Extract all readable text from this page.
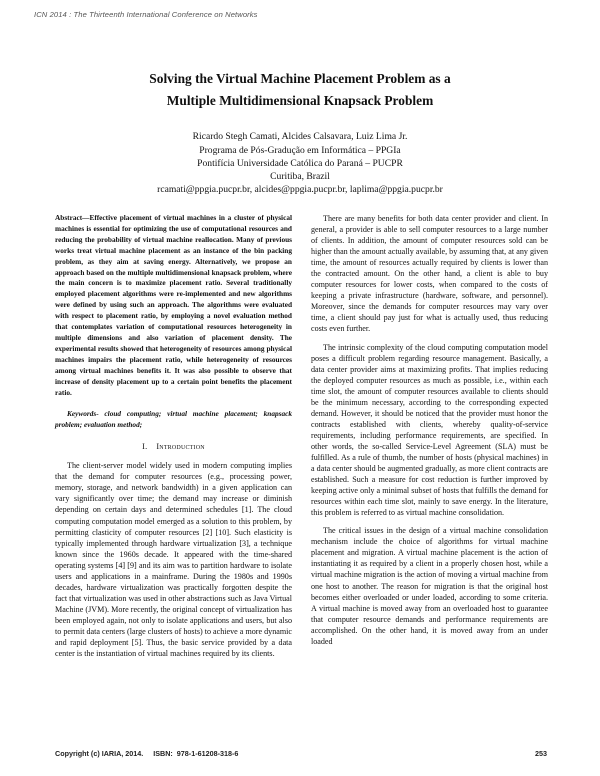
ICN 2014 : The Thirteenth International Conference on Networks
Solving the Virtual Machine Placement Problem as a
Multiple Multidimensional Knapsack Problem
Ricardo Stegh Camati, Alcides Calsavara, Luiz Lima Jr.
Programa de Pós-Gradução em Informática – PPGIa
Pontifícia Universidade Católica do Paraná – PUCPR
Curitiba, Brazil
rcamati@ppgia.pucpr.br, alcides@ppgia.pucpr.br, laplima@ppgia.pucpr.br

Abstract—Effective placement of virtual machines in a cluster of physical machines is essential for optimizing the use of computational resources and reducing the probability of virtual machine reallocation. Many of previous works treat virtual machine placement as an instance of the bin packing problem, as they aim at saving energy. Alternatively, we propose an approach based on the multiple multidimensional knapsack problem, where the main concern is to maximize placement ratio. Several traditionally employed placement algorithms were re-implemented and new algorithms were defined by using such an approach. The algorithms were evaluated with respect to placement ratio, by employing a novel evaluation method that contemplates variation of computational resources heterogeneity in multiple dimensions and also variation of placement density. The experimental results showed that heterogeneity of resources among physical machines impairs the placement ratio, while heterogeneity of resources among virtual machines benefits it. It was also possible to observe that increase of density placement up to a certain point benefits the placement ratio.

Keywords- cloud computing; virtual machine placement; knapsack problem; evaluation method;

I. Introduction

The client-server model widely used in modern computing implies that the demand for computer resources (e.g., processing power, memory, storage, and network bandwidth) in a given application can vary significantly over time; the demand may increase or diminish depending on certain days and determined schedules [1]. The cloud computing computation model emerged as a solution to this problem, by permitting clasticity of computer resources [2] [10]. Such elasticity is typically implemented through hardware virtualization [3], a technique known since the 1960s decade. It appeared with the time-shared operating systems [4] [9] and its aim was to partition hardware to isolate users and applications in a mainframe. During the 1980s and 1990s decades, hardware virtualization was practically forgotten despite the fact that virtualization was used in other abstractions such as Java Virtual Machine (JVM). More recently, the original concept of virtualization has been employed again, not only to isolate applications and users, but also to permit data centers (large clusters of hosts) to achieve a more dynamic and rapid deployment [5]. Thus, the basic service provided by a data center is the instantiation of virtual machines required by its clients.

There are many benefits for both data center provider and client. In general, a provider is able to sell computer resources to a large number of clients. In addition, the amount of computer resources sold can be higher than the amount actually available, by assuming that, at any given time, the amount of resources actually required by clients is lower than the contracted amount. On the other hand, a client is able to buy computer resources for lower costs, when compared to the costs of keeping a private infrastructure (hardware, software, and personnel). Moreover, since the demands for computer resources may vary over time, a client should pay just for what is actually used, thus reducing costs even further.

The intrinsic complexity of the cloud computing computation model poses a difficult problem regarding resource management. Basically, a data center provider aims at maximizing profits. That implies reducing the deployed computer resources as much as possible, i.e., within each time slot, the amount of computer resources available to clients should be the minimum necessary, according to the corresponding expected demand. However, it should be noticed that the provider must honor the contracts established with clients, whereby quality-of-service requirements, including performance requirements, are specified. In other words, the so-called Service-Level Agreement (SLA) must be fulfilled. As a rule of thumb, the number of hosts (physical machines) in a data center should be augmented gradually, as more client contracts are established. Such a measure for cost reduction is further improved by keeping active only a minimal subset of hosts that fulfills the demand for resources within each time slot, mainly to save energy. In the literature, this problem is referred to as virtual machine consolidation.

The critical issues in the design of a virtual machine consolidation mechanism include the choice of algorithms for virtual machine placement and migration. A virtual machine placement is the action of instantiating it as required by a client in a properly chosen host, while a virtual machine migration is the action of moving a virtual machine from one host to another. The reason for migration is that the original host becomes either overloaded or under loaded, according to some criteria. A virtual machine is moved away from an overloaded host to guarantee that computer resource demands and performance requirements are accomplished. On the other hand, it is moved away from an under loaded

Copyright (c) IARIA, 2014.     ISBN:  978-1-61208-318-6	253
